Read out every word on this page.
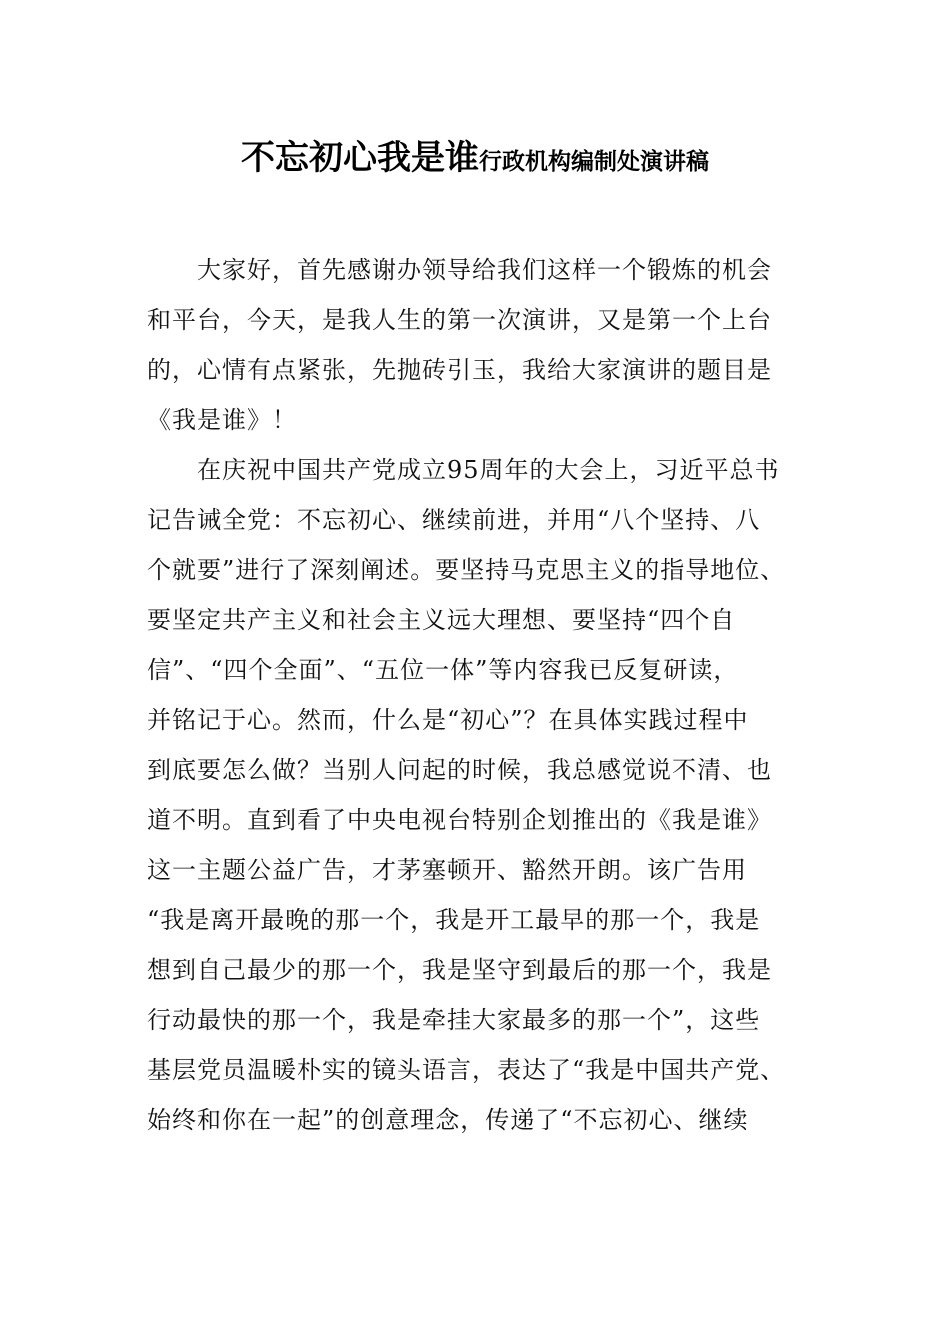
不忘初心我是谁行政机构编制处演讲稿
　　大家好，首先感谢办领导给我们这样一个锻炼的机会
和平台，今天，是我人生的第一次演讲，又是第一个上台
的，心情有点紧张，先抛砖引玉，我给大家演讲的题目是
《我是谁》！
　　在庆祝中国共产党成立95周年的大会上，习近平总书
记告诫全党：不忘初心、继续前进，并用“八个坚持、八
个就要”进行了深刻阐述。要坚持马克思主义的指导地位、
要坚定共产主义和社会主义远大理想、要坚持“四个自
信”、“四个全面”、“五位一体”等内容我已反复研读，
并铭记于心。然而，什么是“初心”？在具体实践过程中
到底要怎么做？当别人问起的时候，我总感觉说不清、也
道不明。直到看了中央电视台特别企划推出的《我是谁》
这一主题公益广告，才茅塞顿开、豁然开朗。该广告用
“我是离开最晚的那一个，我是开工最早的那一个，我是
想到自己最少的那一个，我是坚守到最后的那一个，我是
行动最快的那一个，我是牵挂大家最多的那一个”，这些
基层党员温暖朴实的镜头语言，表达了“我是中国共产党、
始终和你在一起”的创意理念，传递了“不忘初心、继续
